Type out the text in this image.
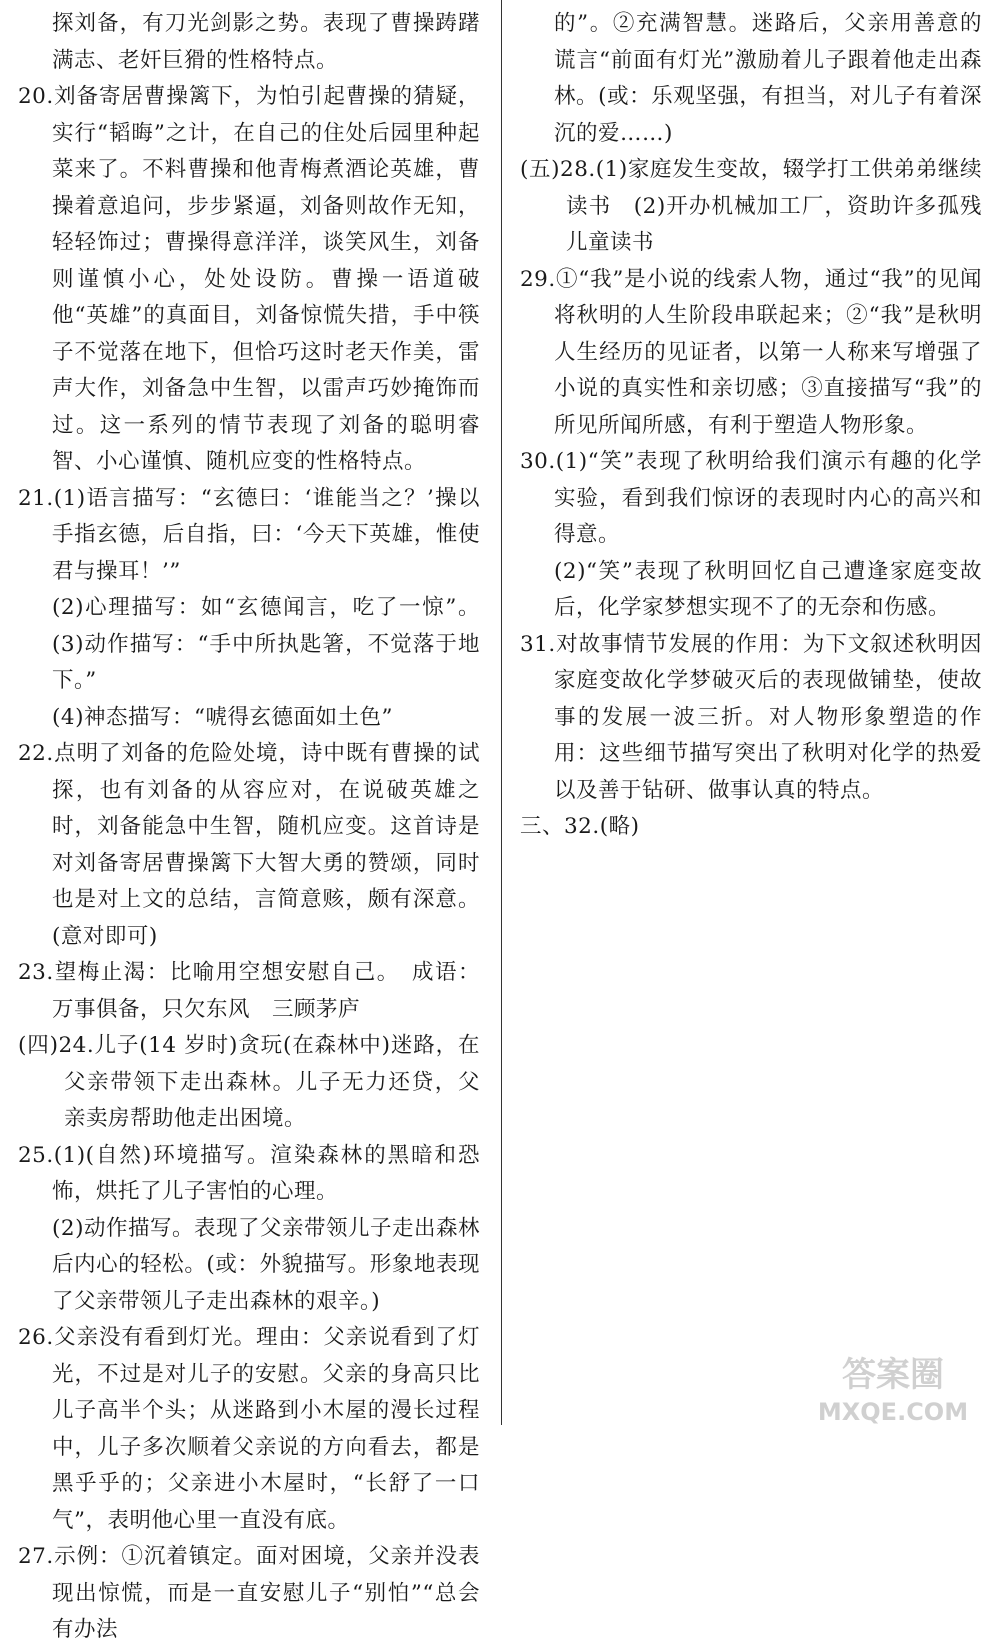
探刘备，有刀光剑影之势。表现了曹操踌躇满志、老奸巨猾的性格特点。
20.刘备寄居曹操篱下，为怕引起曹操的猜疑，实行“韬晦”之计，在自己的住处后园里种起菜来了。不料曹操和他青梅煮酒论英雄，曹操着意追问，步步紧逼，刘备则故作无知，轻轻饰过；曹操得意洋洋，谈笑风生，刘备则谨慎小心，处处设防。曹操一语道破他“英雄”的真面目，刘备惊慌失措，手中筷子不觉落在地下，但恰巧这时老天作美，雷声大作，刘备急中生智，以雷声巧妙掩饰而过。这一系列的情节表现了刘备的聪明睿智、小心谨慎、随机应变的性格特点。
21.(1)语言描写：“玄德曰：‘谁能当之？’操以手指玄德，后自指，曰：‘今天下英雄，惟使君与操耳！’”
(2)心理描写：如“玄德闻言，吃了一惊”。(3)动作描写：“手中所执匙箸，不觉落于地下。”
(4)神态描写：“唬得玄德面如土色”
22.点明了刘备的危险处境，诗中既有曹操的试探，也有刘备的从容应对，在说破英雄之时，刘备能急中生智，随机应变。这首诗是对刘备寄居曹操篱下大智大勇的赞颂，同时也是对上文的总结，言简意赅，颇有深意。(意对即可)
23.望梅止渴：比喻用空想安慰自己。　成语：万事俱备，只欠东风　三顾茅庐
(四)24.儿子(14 岁时)贪玩(在森林中)迷路，在父亲带领下走出森林。儿子无力还贷，父亲卖房帮助他走出困境。
25.(1)(自然)环境描写。渲染森林的黑暗和恐怖，烘托了儿子害怕的心理。
(2)动作描写。表现了父亲带领儿子走出森林后内心的轻松。(或：外貌描写。形象地表现了父亲带领儿子走出森林的艰辛。)
26.父亲没有看到灯光。理由：父亲说看到了灯光，不过是对儿子的安慰。父亲的身高只比儿子高半个头；从迷路到小木屋的漫长过程中，儿子多次顺着父亲说的方向看去，都是黑乎乎的；父亲进小木屋时，“长舒了一口气”，表明他心里一直没有底。
27.示例：①沉着镇定。面对困境，父亲并没表现出惊慌，而是一直安慰儿子“别怕”“总会有办法
的”。②充满智慧。迷路后，父亲用善意的谎言“前面有灯光”激励着儿子跟着他走出森林。(或：乐观坚强，有担当，对儿子有着深沉的爱……)
(五)28.(1)家庭发生变故，辍学打工供弟弟继续读书　(2)开办机械加工厂，资助许多孤残儿童读书
29.①“我”是小说的线索人物，通过“我”的见闻将秋明的人生阶段串联起来；②“我”是秋明人生经历的见证者，以第一人称来写增强了小说的真实性和亲切感；③直接描写“我”的所见所闻所感，有利于塑造人物形象。
30.(1)“笑”表现了秋明给我们演示有趣的化学实验，看到我们惊讶的表现时内心的高兴和得意。
(2)“笑”表现了秋明回忆自己遭逢家庭变故后，化学家梦想实现不了的无奈和伤感。
31.对故事情节发展的作用：为下文叙述秋明因家庭变故化学梦破灭后的表现做铺垫，使故事的发展一波三折。对人物形象塑造的作用：这些细节描写突出了秋明对化学的热爱以及善于钻研、做事认真的特点。
三、32.(略)
答案圈
MXQE.COM
